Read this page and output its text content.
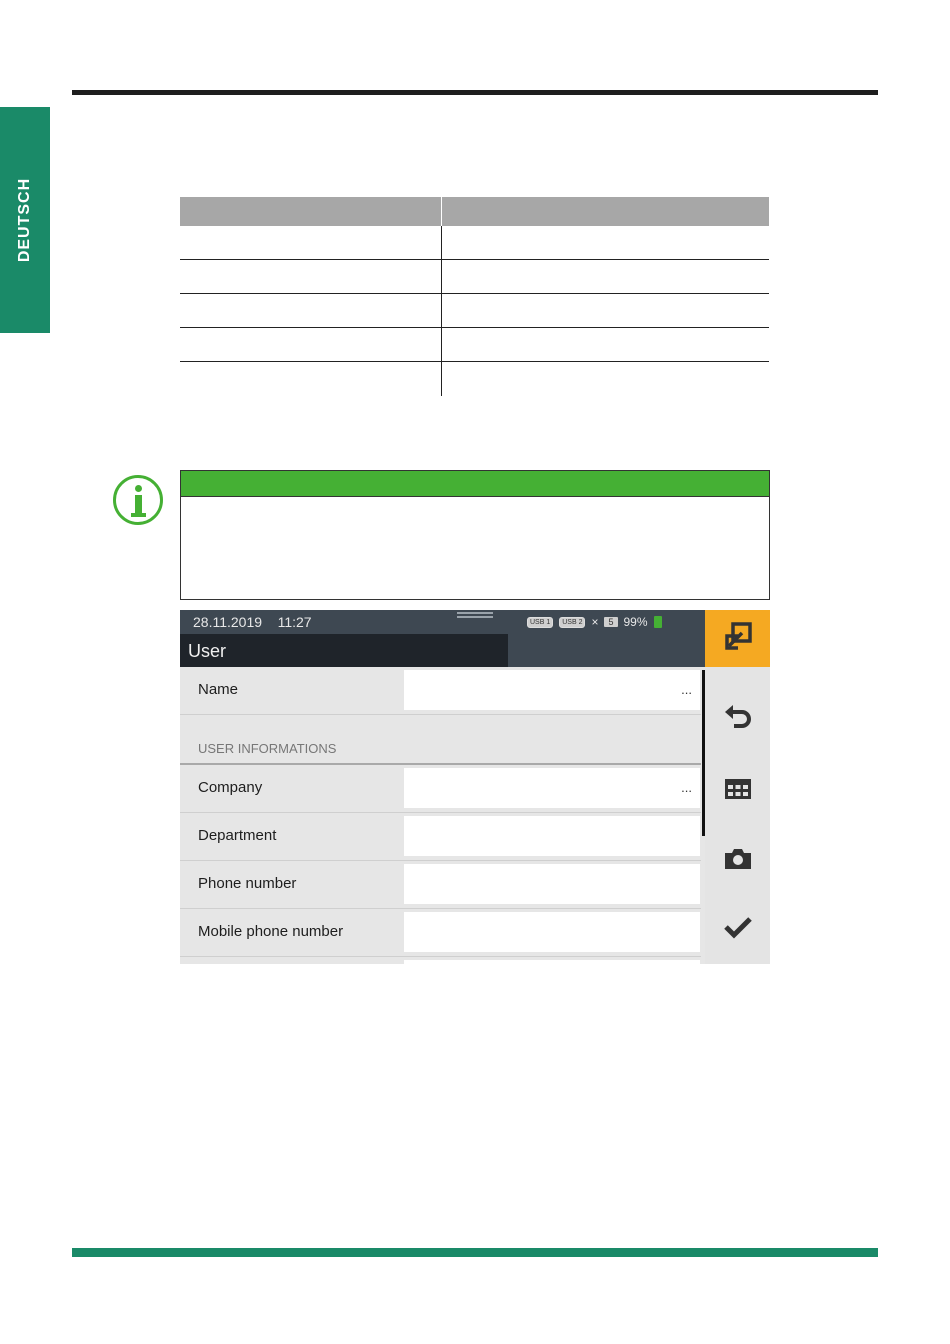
DEUTSCH
28.11.2019 11:27	USB 1	USB 2 ×	5 99%
User
Name	...
USER INFORMATIONS
Company	...
Department
Phone number
Mobile phone number
